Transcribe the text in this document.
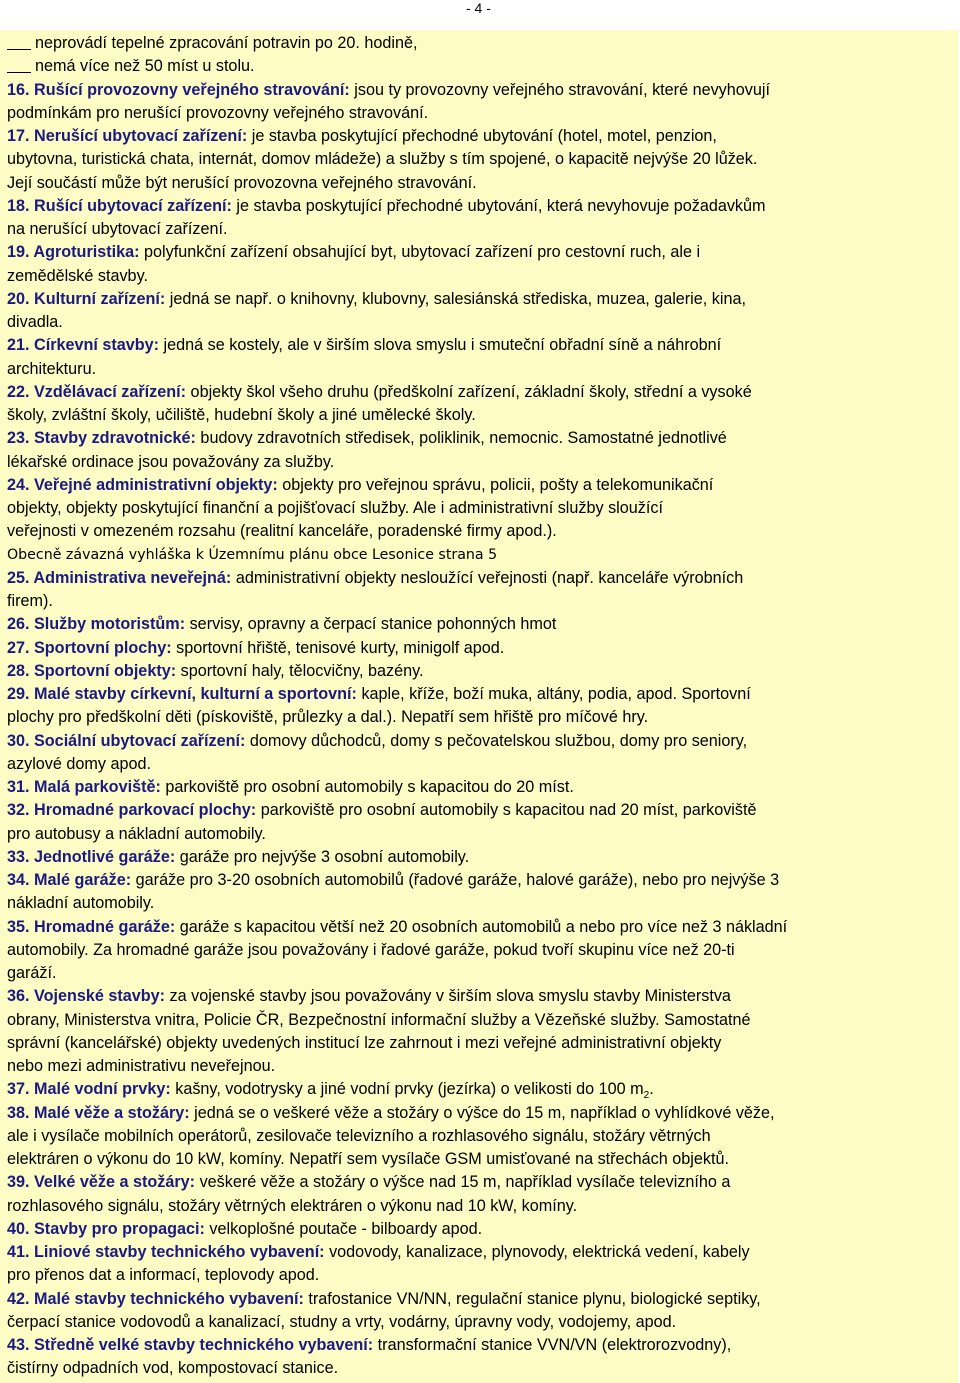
- 4 -
neprovádí tepelné zpracování potravin po 20. hodině,
nemá více než 50 míst u stolu.
16. Rušící provozovny veřejného stravování: jsou ty provozovny veřejného stravování, které nevyhovují
podmínkám pro nerušící provozovny veřejného stravování.
17. Nerušící ubytovací zařízení: je stavba poskytující přechodné ubytování (hotel, motel, penzion,
ubytovna, turistická chata, internát, domov mládeže) a služby s tím spojené, o kapacitě nejvýše 20 lůžek.
Její součástí může být nerušící provozovna veřejného stravování.
18. Rušící ubytovací zařízení: je stavba poskytující přechodné ubytování, která nevyhovuje požadavkům
na nerušící ubytovací zařízení.
19. Agroturistika: polyfunkční zařízení obsahující byt, ubytovací zařízení pro cestovní ruch, ale i
zemědělské stavby.
20. Kulturní zařízení: jedná se např. o knihovny, klubovny, salesiánská střediska, muzea, galerie, kina,
divadla.
21. Církevní stavby: jedná se kostely, ale v širším slova smyslu i smuteční obřadní síně a náhrobní
architekturu.
22. Vzdělávací zařízení: objekty škol všeho druhu (předškolní zařízení, základní školy, střední a vysoké
školy, zvláštní školy, učiliště, hudební školy a jiné umělecké školy.
23. Stavby zdravotnické: budovy zdravotních středisek, poliklinik, nemocnic. Samostatné jednotlivé
lékařské ordinace jsou považovány za služby.
24. Veřejné administrativní objekty: objekty pro veřejnou správu, policii, pošty a telekomunikační
objekty, objekty poskytující finanční a pojišťovací služby. Ale i administrativní služby sloužící
veřejnosti v omezeném rozsahu (realitní kanceláře, poradenské firmy apod.).
Obecně závazná vyhláška k Územnímu plánu obce Lesonice strana 5
25. Administrativa neveřejná: administrativní objekty nesloužící veřejnosti (např. kanceláře výrobních
firem).
26. Služby motoristům: servisy, opravny a čerpací stanice pohonných hmot
27. Sportovní plochy: sportovní hřiště, tenisové kurty, minigolf apod.
28. Sportovní objekty: sportovní haly, tělocvičny, bazény.
29. Malé stavby církevní, kulturní a sportovní: kaple, kříže, boží muka, altány, podia, apod. Sportovní
plochy pro předškolní děti (pískoviště, průlezky a dal.). Nepatří sem hřiště pro míčové hry.
30. Sociální ubytovací zařízení: domovy důchodců, domy s pečovatelskou službou, domy pro seniory,
azylové domy apod.
31. Malá parkoviště: parkoviště pro osobní automobily s kapacitou do 20 míst.
32. Hromadné parkovací plochy: parkoviště pro osobní automobily s kapacitou nad 20 míst, parkoviště
pro autobusy a nákladní automobily.
33. Jednotlivé garáže: garáže pro nejvýše 3 osobní automobily.
34. Malé garáže: garáže pro 3-20 osobních automobilů (řadové garáže, halové garáže), nebo pro nejvýše 3
nákladní automobily.
35. Hromadné garáže: garáže s kapacitou větší než 20 osobních automobilů a nebo pro více než 3 nákladní
automobily. Za hromadné garáže jsou považovány i řadové garáže, pokud tvoří skupinu více než 20-ti
garáží.
36. Vojenské stavby: za vojenské stavby jsou považovány v širším slova smyslu stavby Ministerstva
obrany, Ministerstva vnitra, Policie ČR, Bezpečnostní informační služby a Vězeňské služby. Samostatné
správní (kancelářské) objekty uvedených institucí lze zahrnout i mezi veřejné administrativní objekty
nebo mezi administrativu neveřejnou.
37. Malé vodní prvky: kašny, vodotrysky a jiné vodní prvky (jezírka) o velikosti do 100 $m_2$.
38. Malé věže a stožáry: jedná se o veškeré věže a stožáry o výšce do 15 m, například o vyhlídkové věže,
ale i vysílače mobilních operátorů, zesilovače televizního a rozhlasového signálu, stožáry větrných
elektráren o výkonu do 10 kW, komíny. Nepatří sem vysílače GSM umisťované na střechách objektů.
39. Velké věže a stožáry: veškeré věže a stožáry o výšce nad 15 m, například vysílače televizního a
rozhlasového signálu, stožáry větrných elektráren o výkonu nad 10 kW, komíny.
40. Stavby pro propagaci: velkoplošné poutače - bilboardy apod.
41. Liniové stavby technického vybavení: vodovody, kanalizace, plynovody, elektrická vedení, kabely
pro přenos dat a informací, teplovody apod.
42. Malé stavby technického vybavení: trafostanice VN/NN, regulační stanice plynu, biologické septiky,
čerpací stanice vodovodů a kanalizací, studny a vrty, vodárny, úpravny vody, vodojemy, apod.
43. Středně velké stavby technického vybavení: transformační stanice VVN/VN (elektrorozvodny),
čistírny odpadních vod, kompostovací stanice.
